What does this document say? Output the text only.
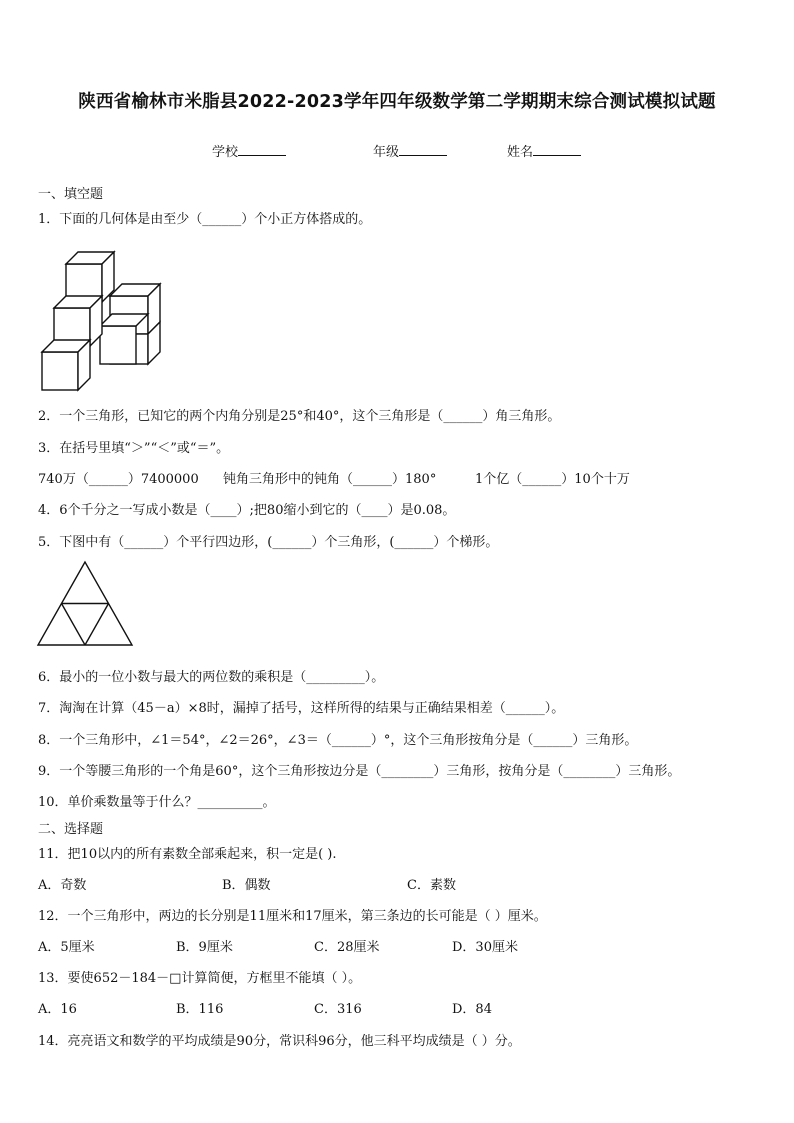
陕西省榆林市米脂县2022-2023学年四年级数学第二学期期末综合测试模拟试题
学校	年级	姓名
一、填空题
1．下面的几何体是由至少（______）个小正方体搭成的。
2．一个三角形，已知它的两个内角分别是25°和40°，这个三角形是（______）角三角形。
3．在括号里填“＞”“＜”或“＝”。
740万（______）7400000 钝角三角形中的钝角（______）180°	1个亿（______）10个十万
4．6个千分之一写成小数是（____）;把80缩小到它的（____）是0.08。
5．下图中有（______）个平行四边形，(______）个三角形，(______）个梯形。
6．最小的一位小数与最大的两位数的乘积是（_________）。
7．淘淘在计算（45－a）×8时，漏掉了括号，这样所得的结果与正确结果相差（______）。
8．一个三角形中，∠1＝54°，∠2＝26°，∠3＝（______）°，这个三角形按角分是（______）三角形。
9．一个等腰三角形的一个角是60°，这个三角形按边分是（________）三角形，按角分是（________）三角形。
10．单价乘数量等于什么？__________。
二、选择题
11．把10以内的所有素数全部乘起来，积一定是( ).
A．奇数	B．偶数	C．素数
12．一个三角形中，两边的长分别是11厘米和17厘米，第三条边的长可能是（ ）厘米。
A．5厘米	B．9厘米	C．28厘米	D．30厘米
13．要使652－184－□计算简便，方框里不能填（ ）。
A．16	B．116	C．316	D．84
14．亮亮语文和数学的平均成绩是90分，常识科96分，他三科平均成绩是（ ）分。
